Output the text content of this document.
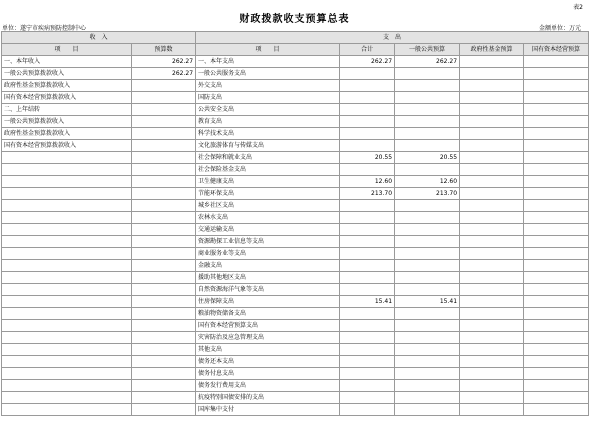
表2
财政拨款收支预算总表
单位：遂宁市疾病预防控制中心	金额单位：万元
收　入		支　出				
项　　目	预算数	项　　目	合计	一般公共预算	政府性基金预算	国有资本经营预算
一、本年收入	262.27	一、本年支出	262.27	262.27		
一般公共预算拨款收入	262.27	一般公共服务支出				
政府性基金预算拨款收入		外交支出				
国有资本经营预算拨款收入		国防支出				
二、上年结转		公共安全支出				
一般公共预算拨款收入		教育支出				
政府性基金预算拨款收入		科学技术支出				
国有资本经营预算拨款收入		文化旅游体育与传媒支出				
		社会保障和就业支出	20.55	20.55		
		社会保险基金支出				
		卫生健康支出	12.60	12.60		
		节能环保支出	213.70	213.70		
		城乡社区支出				
		农林水支出				
		交通运输支出				
		资源勘探工业信息等支出				
		商业服务业等支出				
		金融支出				
		援助其他地区支出				
		自然资源海洋气象等支出				
		住房保障支出	15.41	15.41		
		粮油物资储备支出				
		国有资本经营预算支出				
		灾害防治及应急管理支出				
		其他支出				
		债务还本支出				
		债务付息支出				
		债务发行费用支出				
		抗疫特别国债安排的支出				
		国库集中支付				
